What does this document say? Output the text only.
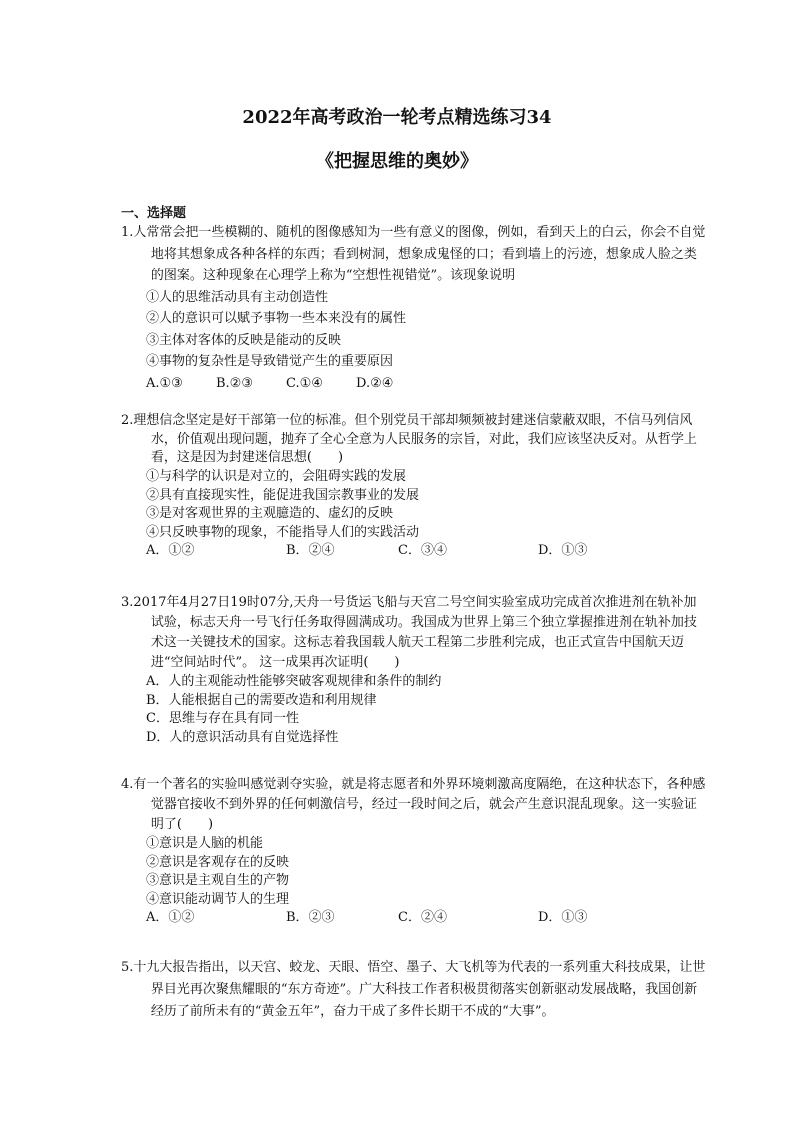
2022年高考政治一轮考点精选练习34
《把握思维的奥妙》
一、选择题

1.人常常会把一些模糊的、随机的图像感知为一些有意义的图像，例如，看到天上的白云，你会不自觉地将其想象成各种各样的东西；看到树洞，想象成鬼怪的口；看到墙上的污迹，想象成人脸之类的图案。这种现象在心理学上称为“空想性视错觉”。该现象说明

①人的思维活动具有主动创造性

②人的意识可以赋予事物一些本来没有的属性

③主体对客体的反映是能动的反映

④事物的复杂性是导致错觉产生的重要原因

A.①③	B.②③	C.①④	D.②④

2.理想信念坚定是好干部第一位的标准。但个别党员干部却频频被封建迷信蒙蔽双眼，不信马列信风水，价值观出现问题，抛弃了全心全意为人民服务的宗旨，对此，我们应该坚决反对。从哲学上看，这是因为封建迷信思想(　　)

①与科学的认识是对立的，会阻碍实践的发展

②具有直接现实性，能促进我国宗教事业的发展

③是对客观世界的主观臆造的、虚幻的反映

④只反映事物的现象，不能指导人们的实践活动

A．①②	B．②④	C．③④	D．①③

3.2017年4月27日19时07分,天舟一号货运飞船与天宫二号空间实验室成功完成首次推进剂在轨补加试验，标志天舟一号飞行任务取得圆满成功。我国成为世界上第三个独立掌握推进剂在轨补加技术这一关键技术的国家。这标志着我国载人航天工程第二步胜利完成，也正式宣告中国航天迈进“空间站时代”。 这一成果再次证明(　　)

A．人的主观能动性能够突破客观规律和条件的制约

B．人能根据自己的需要改造和利用规律

C．思维与存在具有同一性

D．人的意识活动具有自觉选择性

4.有一个著名的实验叫感觉剥夺实验，就是将志愿者和外界环境刺激高度隔绝，在这种状态下，各种感觉器官接收不到外界的任何刺激信号，经过一段时间之后，就会产生意识混乱现象。这一实验证明了(　　)

①意识是人脑的机能

②意识是客观存在的反映

③意识是主观自生的产物

④意识能动调节人的生理

A．①②	B．②③	C．②④	D．①③

5.十九大报告指出，以天宫、蛟龙、天眼、悟空、墨子、大飞机等为代表的一系列重大科技成果，让世界目光再次聚焦耀眼的“东方奇迹”。广大科技工作者积极贯彻落实创新驱动发展战略，我国创新经历了前所未有的“黄金五年”，奋力干成了多件长期干不成的“大事”。
